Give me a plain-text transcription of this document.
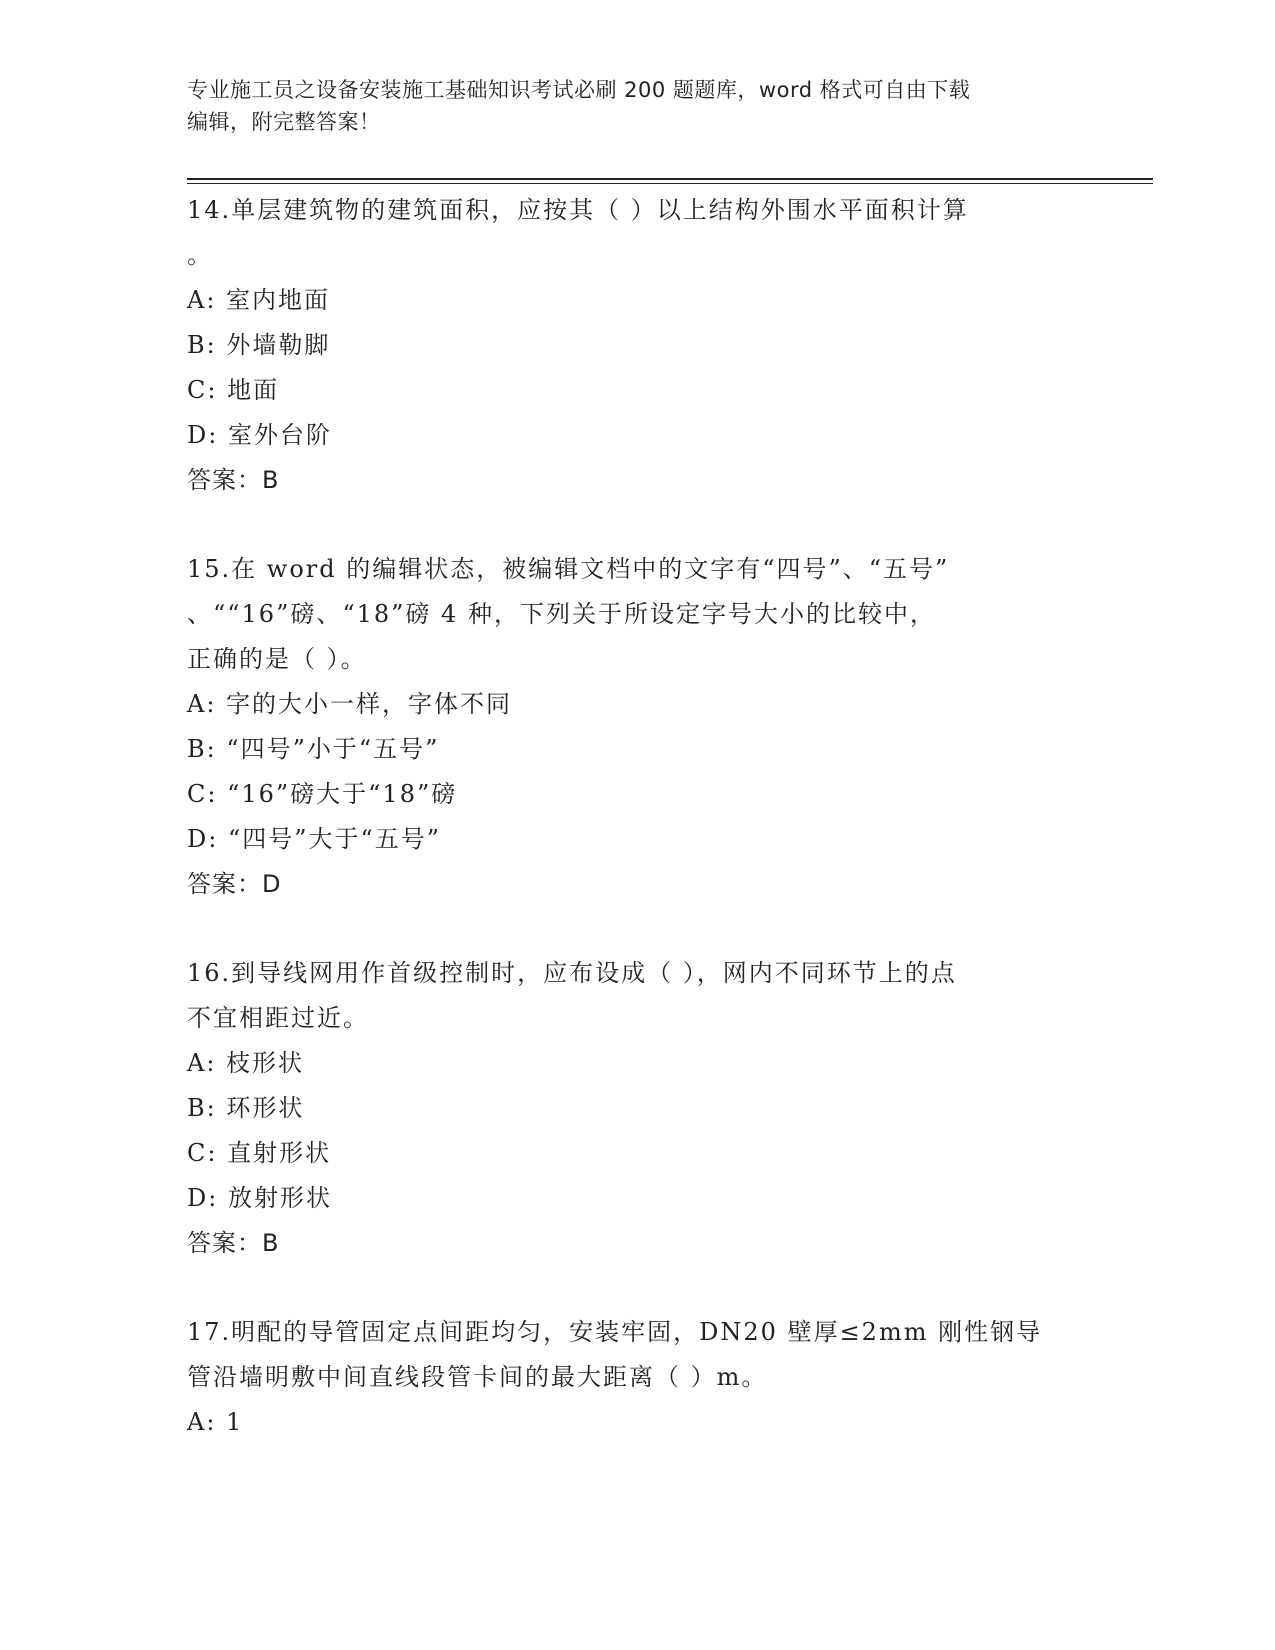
专业施工员之设备安装施工基础知识考试必刷 200 题题库，word 格式可自由下载
编辑，附完整答案！
14.单层建筑物的建筑面积，应按其（ ）以上结构外围水平面积计算
。
A: 室内地面
B: 外墙勒脚
C: 地面
D: 室外台阶
答案：B
15.在 word 的编辑状态，被编辑文档中的文字有“四号”、“五号”
、““16”磅、“18”磅 4 种，下列关于所设定字号大小的比较中，
正确的是（ ）。
A: 字的大小一样，字体不同
B: “四号”小于“五号”
C: “16”磅大于“18”磅
D: “四号”大于“五号”
答案：D
16.到导线网用作首级控制时，应布设成（ ），网内不同环节上的点
不宜相距过近。
A: 枝形状
B: 环形状
C: 直射形状
D: 放射形状
答案：B
17.明配的导管固定点间距均匀，安装牢固，DN20 壁厚≤2mm 刚性钢导
管沿墙明敷中间直线段管卡间的最大距离（ ）m。
A: 1
